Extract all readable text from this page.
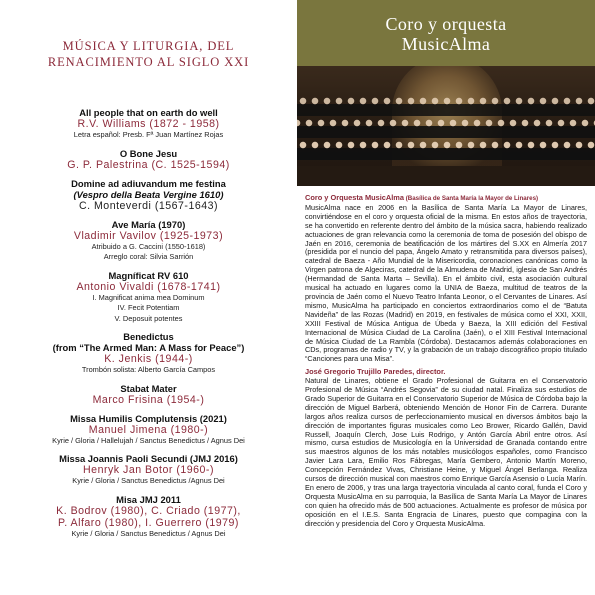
MÚSICA Y LITURGIA, DEL
RENACIMIENTO AL SIGLO XXI
All people that on earth do well
R.V. Williams (1872 - 1958)
Letra español: Presb. Fª Juan Martínez Rojas
O Bone Jesu
G. P. Palestrina (C. 1525-1594)
Domine ad adiuvandum me festina
(Vespro della Beata Vergine 1610)
C. Monteverdi (1567-1643)
Ave María (1970)
Vladimir Vavilov (1925-1973)
Atribuido a G. Caccini (1550-1618)
Arreglo coral: Silvia Sarrión
Magníficat RV 610
Antonio Vivaldi (1678-1741)
I. Magnificat anima mea Dominum
IV. Fecit Potentiam
V. Deposuit potentes
Benedictus
(from “The Armed Man: A Mass for Peace”)
K. Jenkis (1944-)
Trombón solista: Alberto García Campos
Stabat Mater
Marco Frisina (1954-)
Missa Humilis Complutensis (2021)
Manuel Jimena (1980-)
Kyrie / Gloria / Hallelujah / Sanctus Benedictus / Agnus Dei
Missa Joannis Paoli Secundi (JMJ 2016)
Henryk Jan Botor (1960-)
Kyrie / Gloria / Sanctus Benedictus /Agnus Dei
Misa JMJ 2011
K. Bodrov (1980), C. Criado (1977),
P. Alfaro (1980), I. Guerrero (1979)
Kyrie / Gloria / Sanctus Benedictus / Agnus Dei
Coro y orquesta
MusicAlma

Coro y Orquesta MusicAlma (Basílica de Santa María la Mayor de Linares)
MusicAlma nace en 2006 en la Basílica de Santa María La Mayor de Linares, convirtiéndose en el coro y orquesta oficial de la misma. En estos años de trayectoria, se ha convertido en referente dentro del ámbito de la música sacra, habiendo realizado actuaciones de gran relevancia como la ceremonia de toma de posesión del obispo de Jaén en 2016, ceremonia de beatificación de los mártires del S.XX en Almería 2017 (presidida por el nuncio del papa, Ángelo Amato y retransmitida para diversos países), catedral de Baeza - Año Mundial de la Misericordia, coronaciones canónicas como la Virgen patrona de Algeciras, catedral de la Almudena de Madrid, iglesia de San Andrés (Hermandad de Santa Marta – Sevilla). En el ámbito civil, esta asociación cultural musical ha actuado en lugares como la UNIA de Baeza, multitud de teatros de la provincia de Jaén como el Nuevo Teatro Infanta Leonor, o el Cervantes de Linares. Así mismo, MusicAlma ha participado en conciertos extraordinarios como el de “Batuta Navideña” de las Rozas (Madrid) en 2019, en festivales de música como el XXI, XXII, XXIII Festival de Música Antigua de Úbeda y Baeza, la XIII edición del Festival Internacional de Música Ciudad de La Carolina (Jaén), o el XIII Festival Internacional de Música Ciudad de La Rambla (Córdoba). Destacamos además colaboraciones en CDs, programas de radio y TV, y la grabación de un trabajo discográfico propio titulado “Canciones para una Misa”.

José Gregorio Trujillo Paredes, director.
Natural de Linares, obtiene el Grado Profesional de Guitarra en el Conservatorio Profesional de Música “Andrés Segovia” de su ciudad natal. Finaliza sus estudios de Grado Superior de Guitarra en el Conservatorio Superior de Música de Córdoba bajo la dirección de Miguel Barberá, obteniendo Mención de Honor Fin de Carrera. Durante largos años realiza cursos de perfeccionamiento musical en diversos ámbitos bajo la dirección de importantes figuras musicales como Leo Brower, Ricardo Gallén, David Russell, Joaquín Clerch, Jose Luis Rodrigo, y Antón García Abril entre otros. Así mismo, cursa estudios de Musicología en la Universidad de Granada contando entre sus maestros algunos de los más notables musicólogos españoles, como Francisco Javier Lara Lara, Emilio Ros Fábregas, María Gembero, Antonio Martín Moreno, Concepción Fernández Vivas, Christiane Heine, y Miguel Ángel Berlanga. Realiza cursos de dirección musical con maestros como Enrique García Asensio o Lucía Marín. En enero de 2006, y tras una larga trayectoria vinculada al canto coral, funda el Coro y Orquesta MusicAlma en su parroquia, la Basílica de Santa María La Mayor de Linares con quien ha ofrecido más de 500 actuaciones. Actualmente es profesor de música por oposición en el I.E.S. Santa Engracia de Linares, puesto que compagina con la dirección y presidencia del Coro y Orquesta MusicAlma.
